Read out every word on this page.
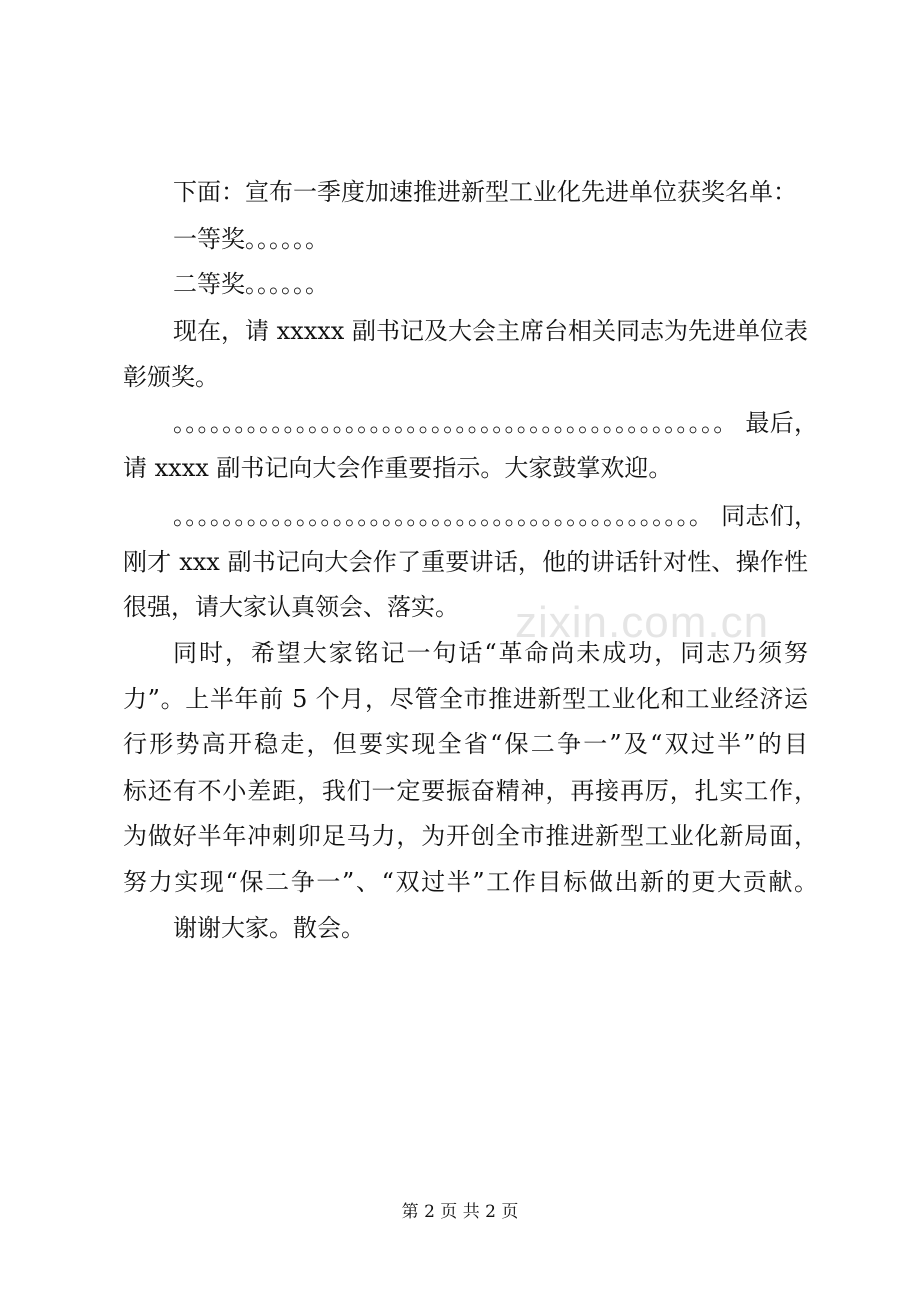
下面：宣布一季度加速推进新型工业化先进单位获奖名单：
一等奖。。。。。。
二等奖。。。。。。
现在，请 xxxxx 副书记及大会主席台相关同志为先进单位表
彰颁奖。
。。。。。。。。。。。。。。。。。。。。。。。。。。。。。。。。。。。。。。。。。。。。。 最后，
请 xxxx 副书记向大会作重要指示。大家鼓掌欢迎。
。。。。。。。。。。。。。。。。。。。。。。。。。。。。。。。。。。。。。。。。。。。 同志们，
刚才 xxx 副书记向大会作了重要讲话，他的讲话针对性、操作性
很强，请大家认真领会、落实。
同时，希望大家铭记一句话“革命尚未成功，同志乃须努
力”。上半年前 5 个月，尽管全市推进新型工业化和工业经济运
行形势高开稳走，但要实现全省“保二争一”及“双过半”的目
标还有不小差距，我们一定要振奋精神，再接再厉，扎实工作，
为做好半年冲刺卯足马力，为开创全市推进新型工业化新局面，
努力实现“保二争一”、“双过半”工作目标做出新的更大贡献。
谢谢大家。散会。
zixin.com.cn
第 2 页 共 2 页
